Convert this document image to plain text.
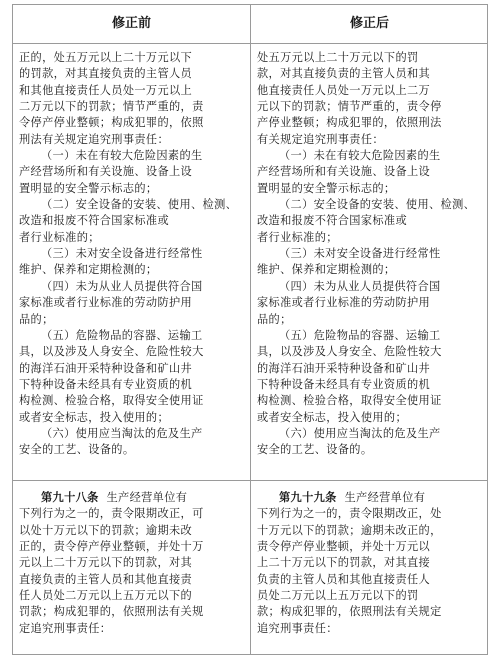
修正前	修正后
正的，处五万元以上二十万元以下
的罚款，对其直接负责的主管人员
和其他直接责任人员处一万元以上
二万元以下的罚款；情节严重的，责
令停产停业整顿；构成犯罪的，依照
刑法有关规定追究刑事责任：
（一）未在有较大危险因素的生
产经营场所和有关设施、设备上设
置明显的安全警示标志的；
（二）安全设备的安装、使用、检测、
改造和报废不符合国家标准或
者行业标准的；
（三）未对安全设备进行经常性
维护、保养和定期检测的；
（四）未为从业人员提供符合国
家标准或者行业标准的劳动防护用
品的；
（五）危险物品的容器、运输工
具，以及涉及人身安全、危险性较大
的海洋石油开采特种设备和矿山井
下特种设备未经具有专业资质的机
构检测、检验合格，取得安全使用证
或者安全标志，投入使用的；
（六）使用应当淘汰的危及生产
安全的工艺、设备的。
处五万元以上二十万元以下的罚
款，对其直接负责的主管人员和其
他直接责任人员处一万元以上二万
元以下的罚款；情节严重的，责令停
产停业整顿；构成犯罪的，依照刑法
有关规定追究刑事责任：
（一）未在有较大危险因素的生
产经营场所和有关设施、设备上设
置明显的安全警示标志的；
（二）安全设备的安装、使用、检测、
改造和报废不符合国家标准或
者行业标准的；
（三）未对安全设备进行经常性
维护、保养和定期检测的；
（四）未为从业人员提供符合国
家标准或者行业标准的劳动防护用
品的；
（五）危险物品的容器、运输工
具，以及涉及人身安全、危险性较大
的海洋石油开采特种设备和矿山井
下特种设备未经具有专业资质的机
构检测、检验合格，取得安全使用证
或者安全标志，投入使用的；
（六）使用应当淘汰的危及生产
安全的工艺、设备的。
第九十八条 生产经营单位有
下列行为之一的，责令限期改正，可
以处十万元以下的罚款；逾期未改
正的，责令停产停业整顿，并处十万
元以上二十万元以下的罚款，对其
直接负责的主管人员和其他直接责
任人员处二万元以上五万元以下的
罚款；构成犯罪的，依照刑法有关规
定追究刑事责任：
第九十九条 生产经营单位有
下列行为之一的，责令限期改正，处
十万元以下的罚款；逾期未改正的，
责令停产停业整顿，并处十万元以
上二十万元以下的罚款，对其直接
负责的主管人员和其他直接责任人
员处二万元以上五万元以下的罚
款；构成犯罪的，依照刑法有关规定
追究刑事责任：
